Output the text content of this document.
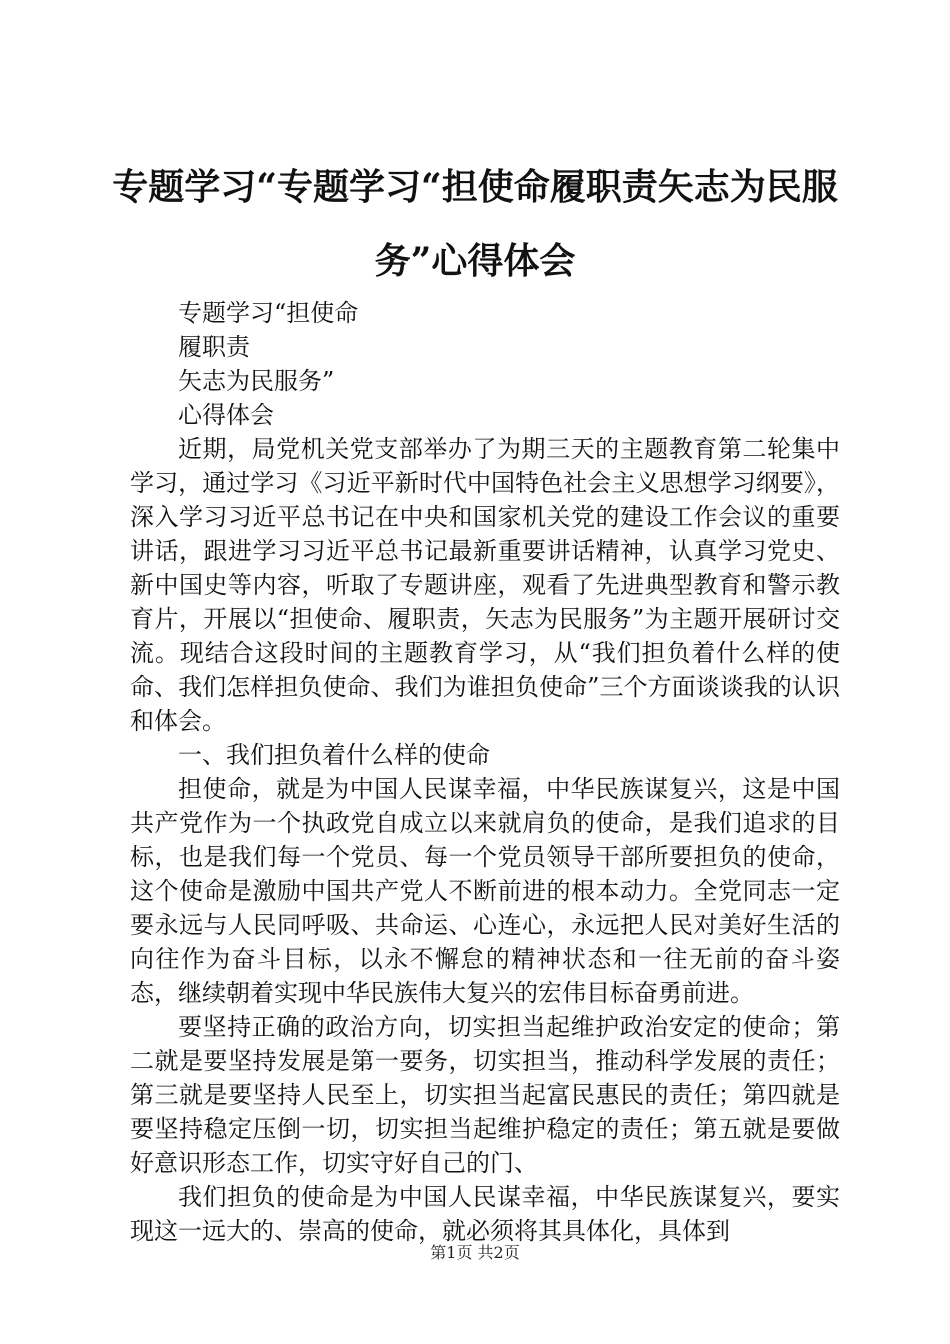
专题学习“专题学习“担使命履职责矢志为民服务”心得体会

专题学习“担使命

履职责

矢志为民服务”

心得体会

近期，局党机关党支部举办了为期三天的主题教育第二轮集中学习，通过学习《习近平新时代中国特色社会主义思想学习纲要》，深入学习习近平总书记在中央和国家机关党的建设工作会议的重要讲话，跟进学习习近平总书记最新重要讲话精神，认真学习党史、新中国史等内容，听取了专题讲座，观看了先进典型教育和警示教育片，开展以“担使命、履职责，矢志为民服务”为主题开展研讨交流。现结合这段时间的主题教育学习，从“我们担负着什么样的使命、我们怎样担负使命、我们为谁担负使命”三个方面谈谈我的认识和体会。

一、我们担负着什么样的使命

担使命，就是为中国人民谋幸福，中华民族谋复兴，这是中国共产党作为一个执政党自成立以来就肩负的使命，是我们追求的目标，也是我们每一个党员、每一个党员领导干部所要担负的使命，这个使命是激励中国共产党人不断前进的根本动力。全党同志一定要永远与人民同呼吸、共命运、心连心，永远把人民对美好生活的向往作为奋斗目标，以永不懈怠的精神状态和一往无前的奋斗姿态，继续朝着实现中华民族伟大复兴的宏伟目标奋勇前进。

要坚持正确的政治方向，切实担当起维护政治安定的使命；第二就是要坚持发展是第一要务，切实担当，推动科学发展的责任；第三就是要坚持人民至上，切实担当起富民惠民的责任；第四就是要坚持稳定压倒一切，切实担当起维护稳定的责任；第五就是要做好意识形态工作，切实守好自己的门、

我们担负的使命是为中国人民谋幸福，中华民族谋复兴，要实现这一远大的、崇高的使命，就必须将其具体化，具体到

第1页 共2页
